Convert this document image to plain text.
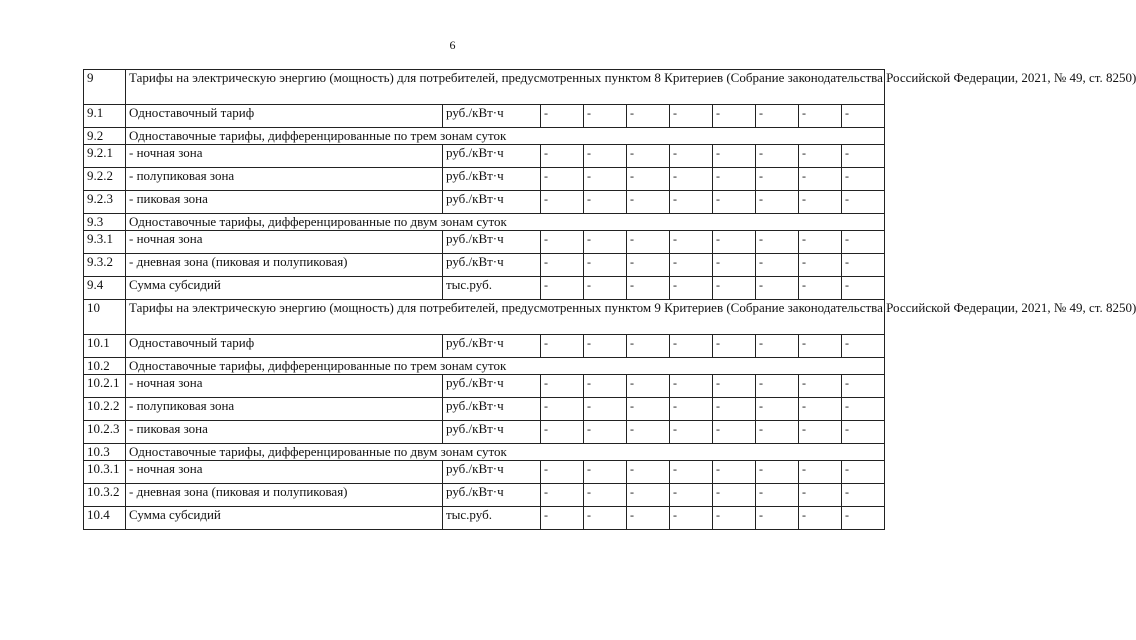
6
9	Тарифы на электрическую энергию (мощность) для потребителей, предусмотренных пунктом 8 Критериев (Собрание законодательства Российской Федерации, 2021, № 49, ст. 8250)									
9.1	Одноставочный тариф	руб./кВт·ч	-	-	-	-	-	-	-	-
9.2	Одноставочные тарифы, дифференцированные по трем зонам суток									
9.2.1	- ночная зона	руб./кВт·ч	-	-	-	-	-	-	-	-
9.2.2	- полупиковая зона	руб./кВт·ч	-	-	-	-	-	-	-	-
9.2.3	- пиковая зона	руб./кВт·ч	-	-	-	-	-	-	-	-
9.3	Одноставочные тарифы, дифференцированные по двум зонам суток									
9.3.1	- ночная зона	руб./кВт·ч	-	-	-	-	-	-	-	-
9.3.2	- дневная зона (пиковая и полупиковая)	руб./кВт·ч	-	-	-	-	-	-	-	-
9.4	Сумма субсидий	тыс.руб.	-	-	-	-	-	-	-	-
10	Тарифы на электрическую энергию (мощность) для потребителей, предусмотренных пунктом 9 Критериев (Собрание законодательства Российской Федерации, 2021, № 49, ст. 8250)									
10.1	Одноставочный тариф	руб./кВт·ч	-	-	-	-	-	-	-	-
10.2	Одноставочные тарифы, дифференцированные по трем зонам суток									
10.2.1	- ночная зона	руб./кВт·ч	-	-	-	-	-	-	-	-
10.2.2	- полупиковая зона	руб./кВт·ч	-	-	-	-	-	-	-	-
10.2.3	- пиковая зона	руб./кВт·ч	-	-	-	-	-	-	-	-
10.3	Одноставочные тарифы, дифференцированные по двум зонам суток									
10.3.1	- ночная зона	руб./кВт·ч	-	-	-	-	-	-	-	-
10.3.2	- дневная зона (пиковая и полупиковая)	руб./кВт·ч	-	-	-	-	-	-	-	-
10.4	Сумма субсидий	тыс.руб.	-	-	-	-	-	-	-	-
